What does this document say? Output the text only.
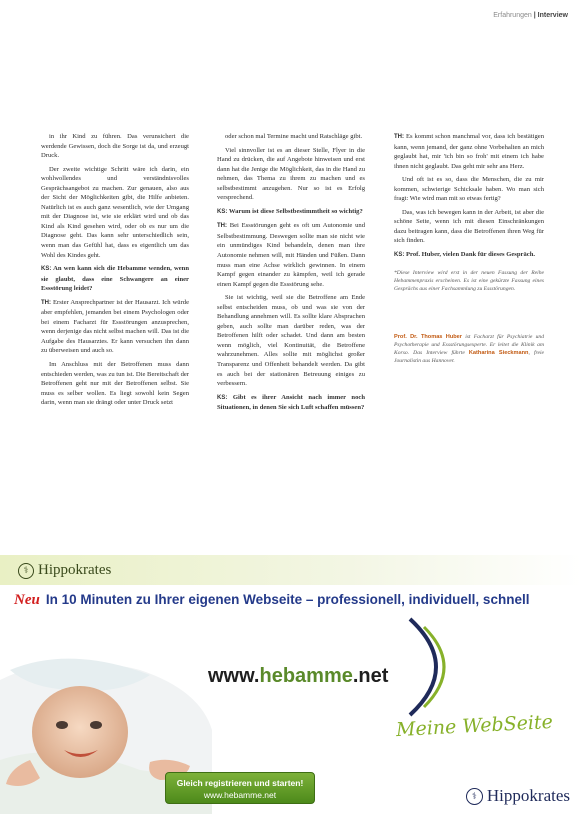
Erfahrungen | Interview

in ihr Kind zu führen. Das verunsichert die werdende Gewissen, doch die Sorge ist da, und erzeugt Druck.

Der zweite wichtige Schritt wäre ich darin, ein wohlwollendes und verständnisvolles Gesprächsangebot zu machen. Zur genauen, also aus der Sicht der Möglichkeiten gibt, die Hilfe anbieten. Natürlich ist es auch ganz wesentlich, wie der Umgang mit der Diagnose ist, wie sie erklärt wird und ob das Kind als Kind gesehen wird, oder ob es nur um die Diagnose geht. Das kann sehr unterschiedlich sein, wenn man das Gefühl hat, dass es eigentlich um das Wohl des Kindes geht.

KS: An wen kann sich die Hebamme wenden, wenn sie glaubt, dass eine Schwangere an einer Essstörung leidet?

TH: Erster Ansprechpartner ist der Hausarzt. Ich würde aber empfehlen, jemanden bei einem Psychologen oder bei einem Facharzt für Essstörungen anzusprechen, wenn derjenige das nicht selbst machen will. Das ist die Aufgabe des Hausarztes. Er kann versuchen ihn dann zu überweisen und auch so.

Im Anschluss mit der Betroffenen muss dann entschieden werden, was zu tun ist. Die Bereitschaft der Betroffenen geht nur mit der Betroffenen selbst. Sie muss es selber wollen. Es liegt sowohl kein Segen darin, wenn man sie drängt oder unter Druck setzt

oder schon mal Termine macht und Ratschläge gibt.

Viel sinnvoller ist es an dieser Stelle, Flyer in die Hand zu drücken, die auf Angebote hinweisen und erst dann hat die Jenige die Möglichkeit, das in die Hand zu nehmen, das Thema zu ihrem zu machen und es selbstbestimmt anzugehen. Nur so ist es Erfolg versprechend.

KS: Warum ist diese Selbstbestimmtheit so wichtig?

TH: Bei Essstörungen geht es oft um Autonomie und Selbstbestimmung. Deswegen sollte man sie nicht wie ein unmündiges Kind behandeln, denen man ihre Autonomie nehmen will, mit Händen und Füßen. Dann muss man eine Achse wirklich gewinnen. In einem Kampf gegen einander zu kämpfen, weil ich gerade einen Kampf gegen die Essstörung sehe.

Sie ist wichtig, weil sie die Betroffene am Ende selbst entscheiden muss, ob und was sie von der Behandlung annehmen will. Es sollte klare Absprachen geben, auch sollte man darüber reden, was der Betroffenen hilft oder schadet. Und dann am besten wenn möglich, viel Kontinuität, die Betroffene wahrzunehmen. Alles sollte mit möglichst großer Transparenz und Offenheit behandelt werden. Da gibt es auch bei der stationären Betreuung einiges zu verbessern.

KS: Gibt es ihrer Ansicht nach immer noch Situationen, in denen Sie sich Luft schaffen müssen?

TH: Es kommt schon manchmal vor, dass ich bestätigen kann, wenn jemand, der ganz ohne Vorbehalten an mich geglaubt hat, mir 'ich bin so froh' mit einem ich habe ihnen nicht geglaubt. Das geht mir sehr ans Herz.

Und oft ist es so, dass die Menschen, die zu mir kommen, schwierige Schicksale haben. Wo man sich fragt: Wie wird man mit so etwas fertig?

Das, was ich bewegen kann in der Arbeit, ist aber die schöne Seite, wenn ich mit diesen Einschränkungen dazu beitragen kann, dass die Betroffenen ihren Weg für sich finden.

KS: Prof. Huber, vielen Dank für dieses Gespräch.

*Diese Interview wird erst in der neuen Fassung der Reihe Hebammenpraxis erscheinen. Es ist eine gekürzte Fassung eines Gesprächs aus einer Fachsammlung zu Essstörungen.
Prof. Dr. Thomas Huber ist Facharzt für Psychiatrie und Psychotherapie und Essstörungsexperte. Er leitet die Klinik am Korso. Das Interview führte Katharina Sieckmann, freie Journalistin aus Hannover.
⚕ Hippokrates
Neu In 10 Minuten zu Ihrer eigenen Webseite – professionell, individuell, schnell
www.hebamme.net
Meine WebSeite
Gleich registrieren und starten!
www.hebamme.net	⚕ Hippokrates
